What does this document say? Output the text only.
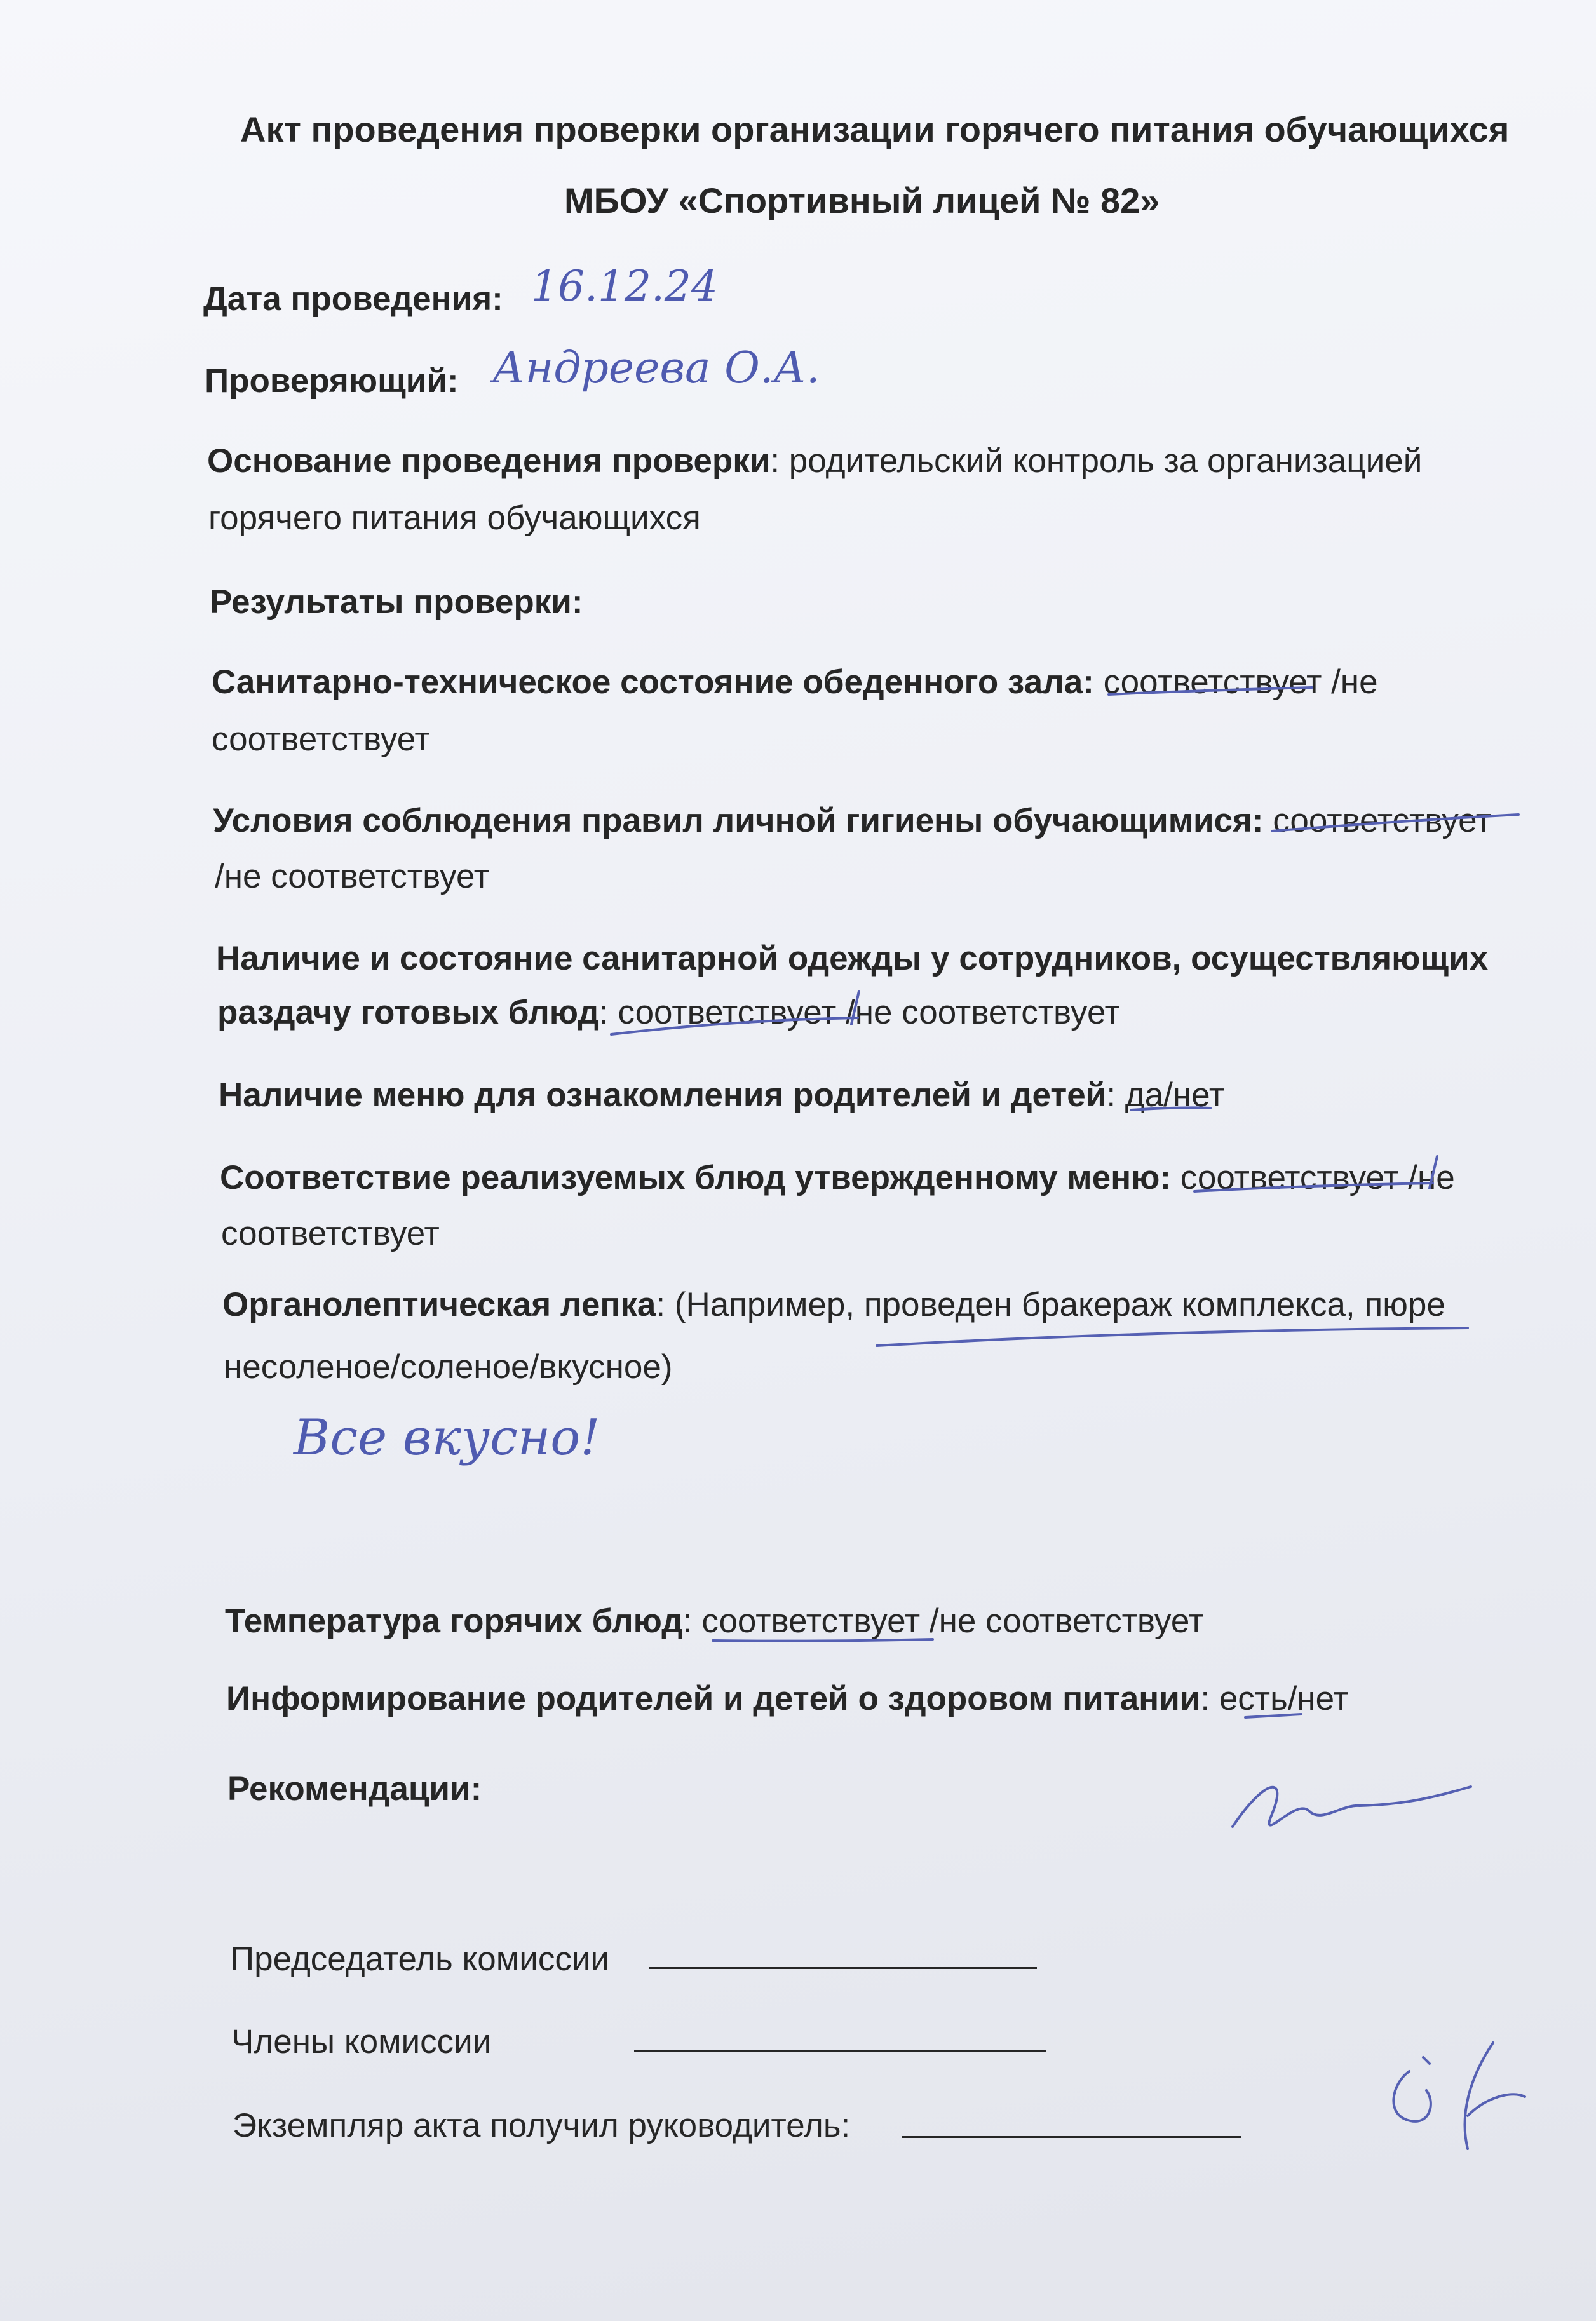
Акт проведения проверки организации горячего питания обучающихся
МБОУ «Спортивный лицей № 82»
Дата проведения: 16.12.24
Проверяющий: Андреева О.А.
Основание проведения проверки: родительский контроль за организацией
горячего питания обучающихся
Результаты проверки:
Санитарно-техническое состояние обеденного зала: соответствует /не
соответствует
Условия соблюдения правил личной гигиены обучающимися: соответствует
/не соответствует
Наличие и состояние санитарной одежды у сотрудников, осуществляющих
раздачу готовых блюд: соответствует /не соответствует
Наличие меню для ознакомления родителей и детей: да/нет
Соответствие реализуемых блюд утвержденному меню: соответствует /не
соответствует
Органолептическая лепка: (Например, проведен бракераж комплекса, пюре
несоленое/соленое/вкусное)
Все вкусно!
Температура горячих блюд: соответствует /не соответствует
Информирование родителей и детей о здоровом питании: есть/нет
Рекомендации:
Председатель комиссии
Члены комиссии
Экземпляр акта получил руководитель:
